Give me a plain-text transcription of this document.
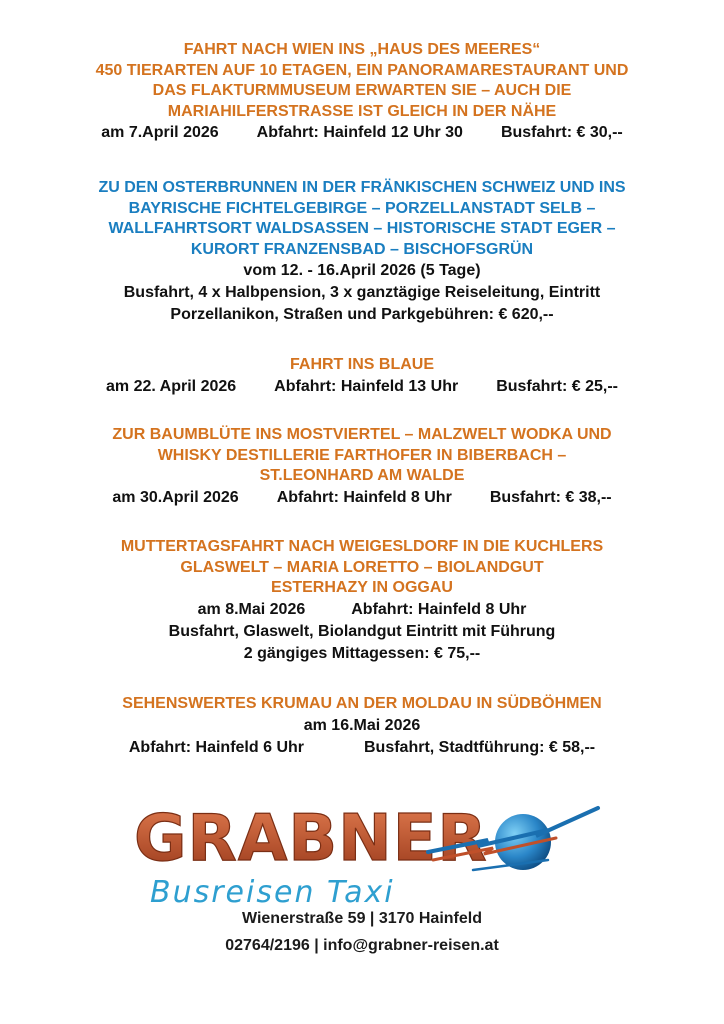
FAHRT NACH WIEN INS „HAUS DES MEERES“
450 TIERARTEN AUF 10 ETAGEN, EIN PANORAMARESTAURANT UND
DAS FLAKTURMMUSEUM ERWARTEN SIE – AUCH DIE
MARIAHILFERSTRASSE IST GLEICH IN DER NÄHE
am 7.April 2026 Abfahrt: Hainfeld 12 Uhr 30 Busfahrt: € 30,--
ZU DEN OSTERBRUNNEN IN DER FRÄNKISCHEN SCHWEIZ UND INS
BAYRISCHE FICHTELGEBIRGE – PORZELLANSTADT SELB –
WALLFAHRTSORT WALDSASSEN – HISTORISCHE STADT EGER –
KURORT FRANZENSBAD – BISCHOFSGRÜN
vom 12. - 16.April 2026 (5 Tage)
Busfahrt, 4 x Halbpension, 3 x ganztägige Reiseleitung, Eintritt
Porzellanikon, Straßen und Parkgebühren: € 620,--
FAHRT INS BLAUE
am 22. April 2026 Abfahrt: Hainfeld 13 Uhr Busfahrt: € 25,--
ZUR BAUMBLÜTE INS MOSTVIERTEL – MALZWELT WODKA UND
WHISKY DESTILLERIE FARTHOFER IN BIBERBACH –
ST.LEONHARD AM WALDE
am 30.April 2026 Abfahrt: Hainfeld 8 Uhr Busfahrt: € 38,--
MUTTERTAGSFAHRT NACH WEIGESLDORF IN DIE KUCHLERS
GLASWELT – MARIA LORETTO – BIOLANDGUT
ESTERHAZY IN OGGAU
am 8.Mai 2026	Abfahrt: Hainfeld 8 Uhr
Busfahrt, Glaswelt, Biolandgut Eintritt mit Führung
2 gängiges Mittagessen: € 75,--
SEHENSWERTES KRUMAU AN DER MOLDAU IN SÜDBÖHMEN
am 16.Mai 2026
Abfahrt: Hainfeld 6 Uhr	Busfahrt, Stadtführung: € 58,--
GRABNER
Busreisen Taxi
Wienerstraße 59 | 3170 Hainfeld
02764/2196 | info@grabner-reisen.at
